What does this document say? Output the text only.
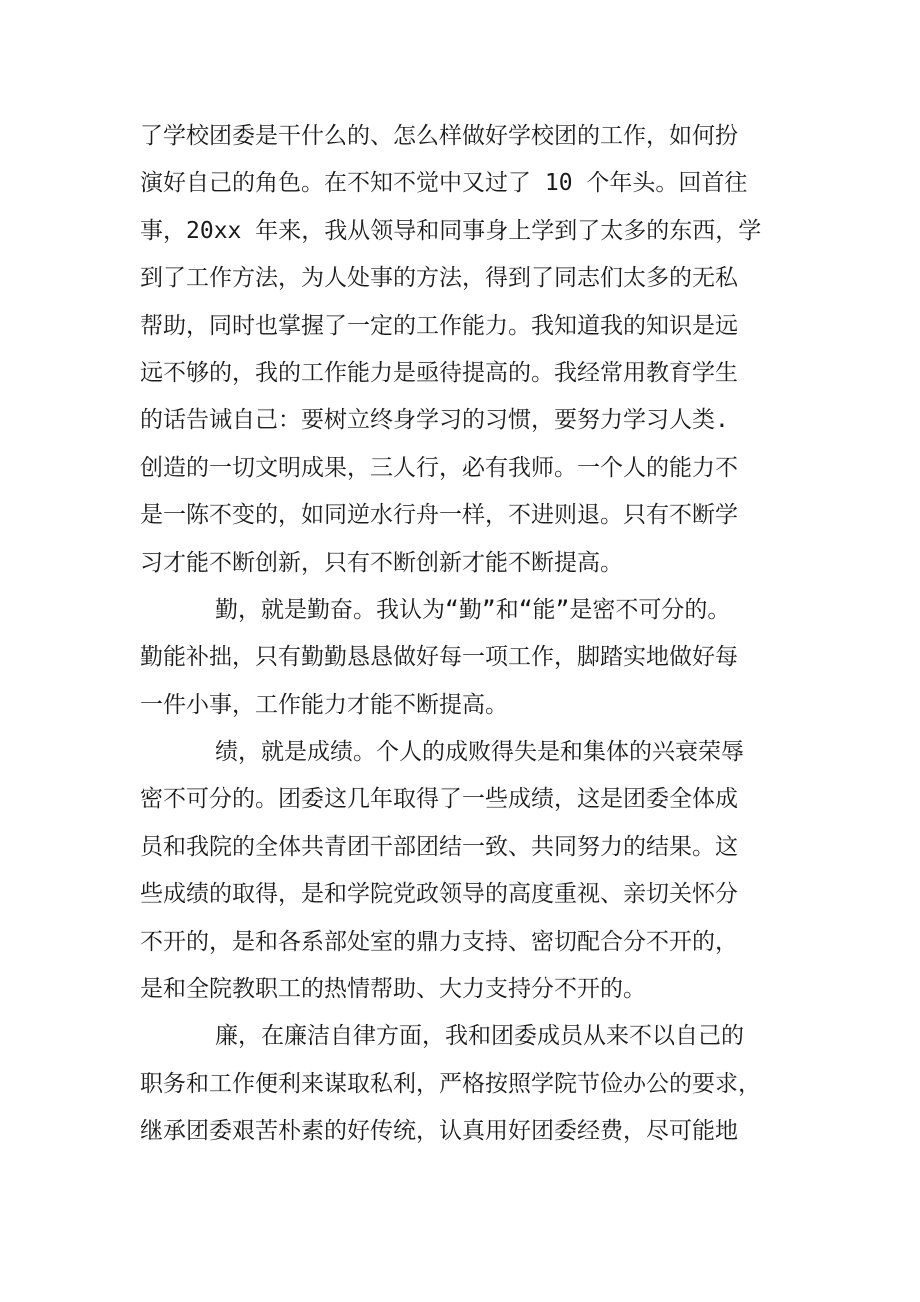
了学校团委是干什么的、怎么样做好学校团的工作，如何扮
演好自己的角色。在不知不觉中又过了 10 个年头。回首往
事，20xx 年来，我从领导和同事身上学到了太多的东西，学
到了工作方法，为人处事的方法，得到了同志们太多的无私
帮助，同时也掌握了一定的工作能力。我知道我的知识是远
远不够的，我的工作能力是亟待提高的。我经常用教育学生
的话告诫自己：要树立终身学习的习惯，要努力学习人类.
创造的一切文明成果，三人行，必有我师。一个人的能力不
是一陈不变的，如同逆水行舟一样，不进则退。只有不断学
习才能不断创新，只有不断创新才能不断提高。
勤，就是勤奋。我认为“勤”和“能”是密不可分的。
勤能补拙，只有勤勤恳恳做好每一项工作，脚踏实地做好每
一件小事，工作能力才能不断提高。
绩，就是成绩。个人的成败得失是和集体的兴衰荣辱
密不可分的。团委这几年取得了一些成绩，这是团委全体成
员和我院的全体共青团干部团结一致、共同努力的结果。这
些成绩的取得，是和学院党政领导的高度重视、亲切关怀分
不开的，是和各系部处室的鼎力支持、密切配合分不开的，
是和全院教职工的热情帮助、大力支持分不开的。
廉，在廉洁自律方面，我和团委成员从来不以自己的
职务和工作便利来谋取私利，严格按照学院节俭办公的要求，
继承团委艰苦朴素的好传统，认真用好团委经费，尽可能地
